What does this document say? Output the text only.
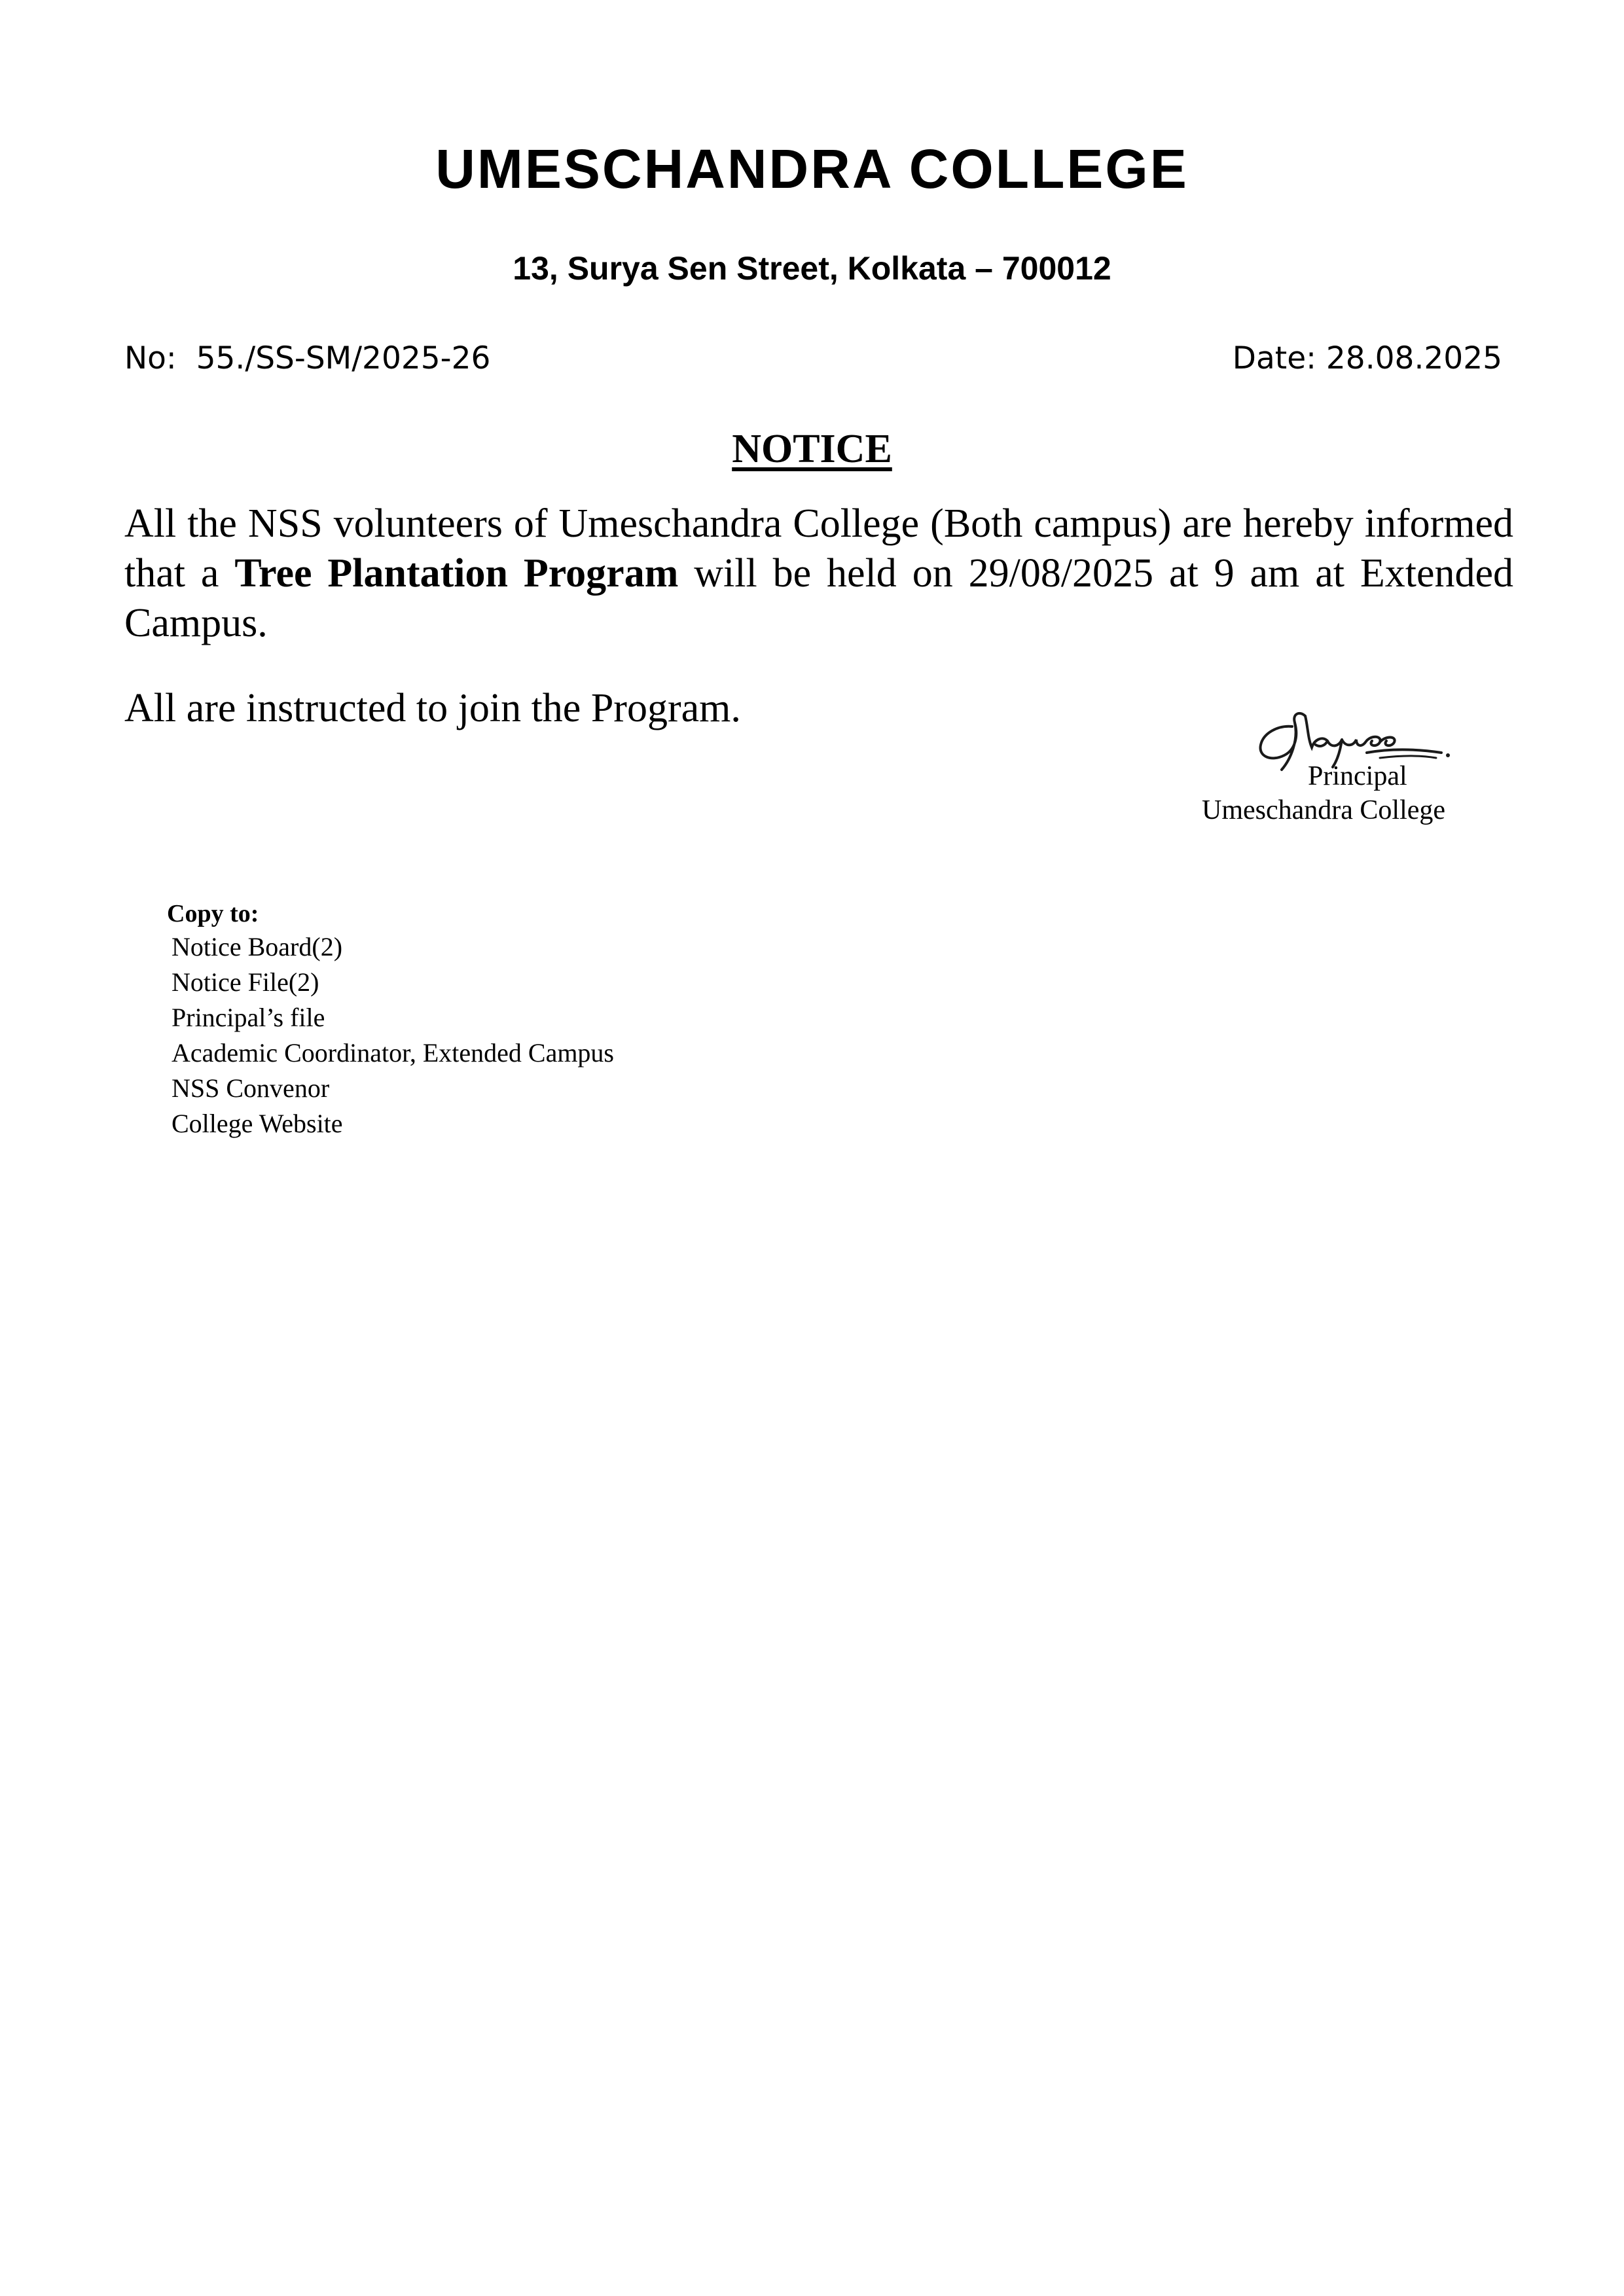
UMESCHANDRA COLLEGE
13, Surya Sen Street, Kolkata – 700012
No:  55./SS-SM/2025-26	Date: 28.08.2025
NOTICE
All the NSS volunteers of Umeschandra College (Both campus) are hereby informed that a Tree Plantation Program will be held on 29/08/2025 at 9 am at Extended Campus.
All are instructed to join the Program.
Principal
Umeschandra College
Copy to:
Notice Board(2)
Notice File(2)
Principal’s file
Academic Coordinator, Extended Campus
NSS Convenor
College Website
